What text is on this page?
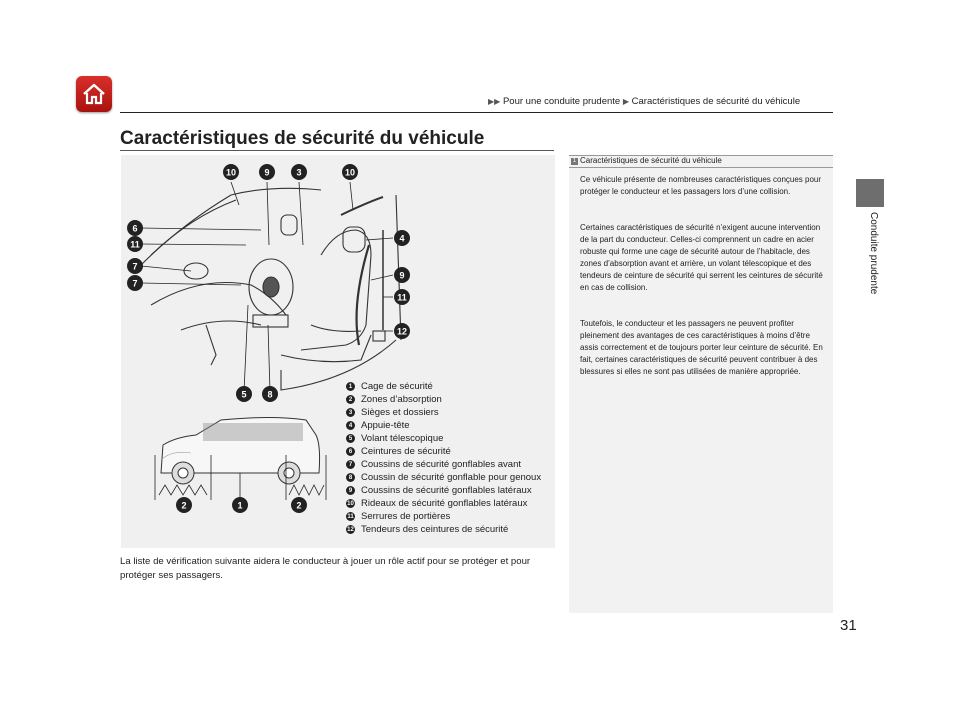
▶▶ Pour une conduite prudente ▶ Caractéristiques de sécurité du véhicule
Caractéristiques de sécurité du véhicule
Conduite prudente
10	9	3	10
6
11
7
7
4
9
11
12
5 8
2	1	2
1 Cage de sécurité
2 Zones d’absorption
3 Sièges et dossiers
4 Appuie-tête
5 Volant télescopique
6 Ceintures de sécurité
7 Coussins de sécurité gonflables avant
8 Coussin de sécurité gonflable pour genoux
9 Coussins de sécurité gonflables latéraux
10 Rideaux de sécurité gonflables latéraux
11 Serrures de portières
12 Tendeurs des ceintures de sécurité
La liste de vérification suivante aidera le conducteur à jouer un rôle actif pour se protéger et pour protéger ses passagers.
1 Caractéristiques de sécurité du véhicule
Ce véhicule présente de nombreuses caractéristiques conçues pour protéger le conducteur et les passagers lors d’une collision.
Certaines caractéristiques de sécurité n’exigent aucune intervention de la part du conducteur. Celles-ci comprennent un cadre en acier robuste qui forme une cage de sécurité autour de l’habitacle, des zones d’absorption avant et arrière, un volant télescopique et des tendeurs de ceinture de sécurité qui serrent les ceintures de sécurité en cas de collision.
Toutefois, le conducteur et les passagers ne peuvent profiter pleinement des avantages de ces caractéristiques à moins d’être assis correctement et de toujours porter leur ceinture de sécurité. En fait, certaines caractéristiques de sécurité peuvent contribuer à des blessures si elles ne sont pas utilisées de manière appropriée.
31
